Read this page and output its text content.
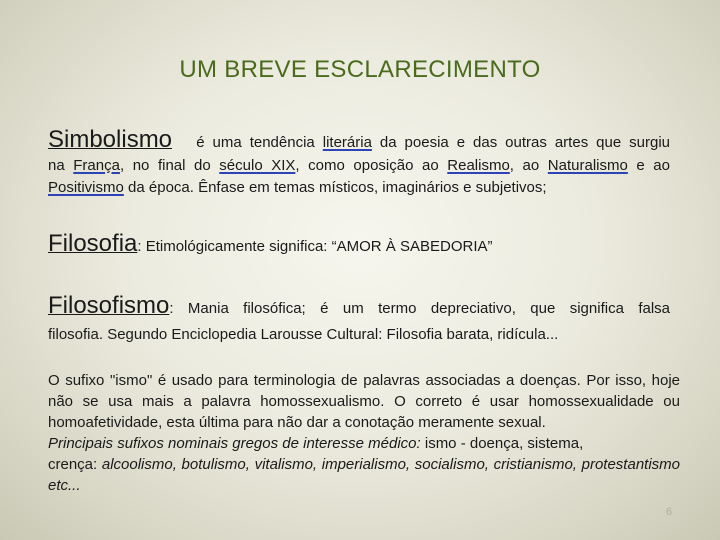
UM BREVE ESCLARECIMENTO
Simbolismo é uma tendência literária da poesia e das outras artes que surgiu
na França, no final do século XIX, como oposição ao Realismo, ao Naturalismo e ao
Positivismo da época. Ênfase em temas místicos, imaginários e subjetivos;
Filosofia: Etimológicamente significa: “AMOR À SABEDORIA”
Filosofismo: Mania filosófica; é um termo depreciativo, que significa falsa
filosofia. Segundo Enciclopedia Larousse Cultural: Filosofia barata, ridícula...
O sufixo "ismo" é usado para terminologia de palavras associadas a doenças. Por isso, hoje não se usa mais a palavra homossexualismo. O correto é usar homossexualidade ou homoafetividade, esta última para não dar a conotação meramente sexual.
Principais sufixos nominais gregos de interesse médico: ismo - doença, sistema,
crença: alcoolismo, botulismo, vitalismo, imperialismo, socialismo, cristianismo, protestantismo etc...
6
